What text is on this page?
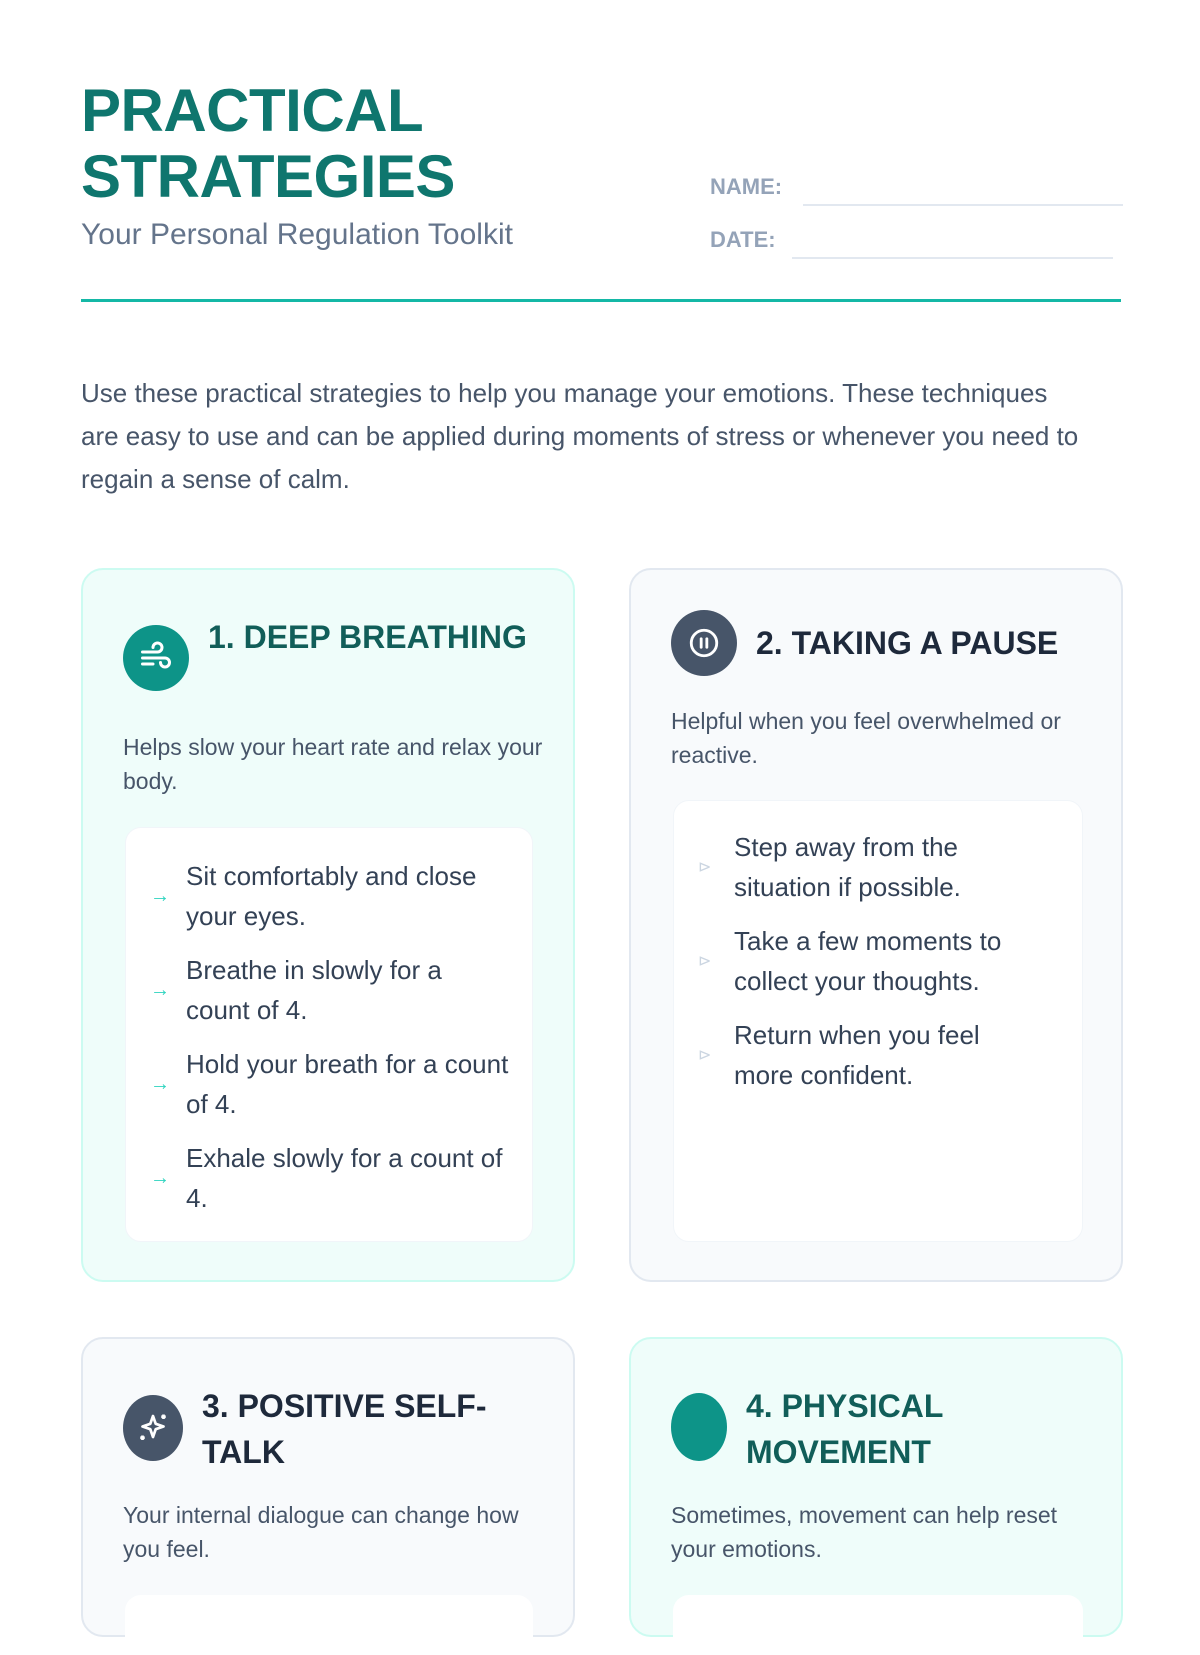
PRACTICAL
STRATEGIES

Your Personal Regulation Toolkit

NAME:
DATE:

Use these practical strategies to help you manage your emotions. These techniques are easy to use and can be applied during moments of stress or whenever you need to regain a sense of calm.

1. DEEP BREATHING

Helps slow your heart rate and relax your body.

→
Sit comfortably and close your eyes.
→
Breathe in slowly for a count of 4.
→
Hold your breath for a count of 4.
→
Exhale slowly for a count of 4.
2. TAKING A PAUSE

Helpful when you feel overwhelmed or reactive.

⊳
Step away from the situation if possible.
⊳
Take a few moments to collect your thoughts.
⊳
Return when you feel more confident.
3. POSITIVE SELF-TALK

Your internal dialogue can change how you feel.

4. PHYSICAL MOVEMENT

Sometimes, movement can help reset your emotions.
